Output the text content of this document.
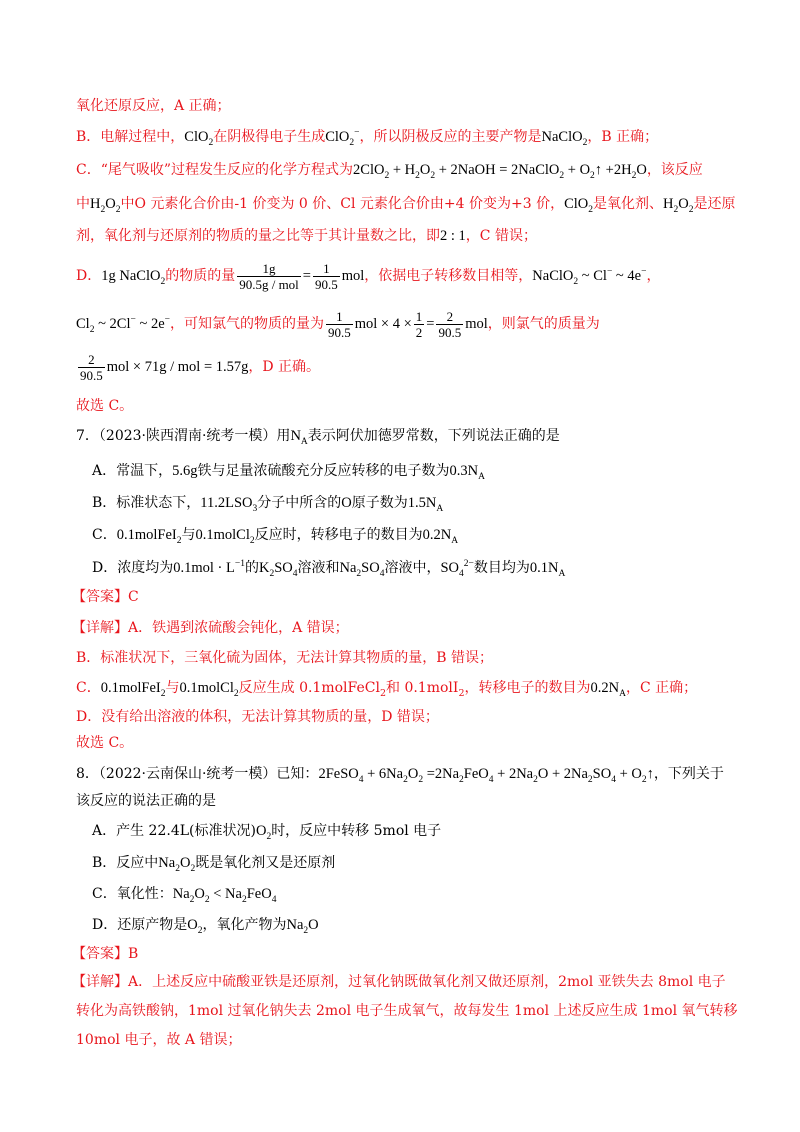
氧化还原反应，A 正确；
B．电解过程中，ClO$_2$在阴极得电子生成ClO$_2$−，所以阴极反应的主要产物是NaClO$_2$，B 正确；
C．“尾气吸收”过程发生反应的化学方程式为$2ClO_2 + H_2O_2$ + 2NaOH = 2NaClO$_2$ + $O_2↑ +2H_2O$，该反应
中$H_2O_2$中O 元素化合价由-1 价变为 0 价、Cl 元素化合价由+4 价变为+3 价，ClO$_2$是氧化剂、$H_2O_2$是还原
剂，氧化剂与还原剂的物质的量之比等于其计量数之比，即2 : 1，C 错误；
D．1g NaClO$_2$的物质的量 $\frac{1g}{\text{90.5g / mol}} = \frac{1}{90.5}$ mol，依据电子转移数目相等，NaClO$_2$ ~ Cl− ~ 4e−，
$Cl_2$ ~ 2Cl− ~ 2e−，可知氯气的物质的量为 $\frac{1}{90.5}$ mol × $4 \times \frac{1}{2} = \frac{2}{90.5}$ mol，则氯气的质量为
$\frac{2}{90.5}$ mol × 71g / mol = 1.57g，D 正确。
故选 C。
7．（2023·陕西渭南·统考一模）用$N_A$表示阿伏加德罗常数，下列说法正确的是
A．常温下，5.6g铁与足量浓硫酸充分反应转移的电子数为$0.3N_A$
B．标准状态下，$11.2LSO_3$分子中所含的O原子数为$1.5N_A$
C．0.1molFeI$_2$与0.1molCl$_2$反应时，转移电子的数目为$0.2N_A$
D．浓度均为$0.1mol \cdot L^{-1}$的$K_2SO_4$溶液和$Na_2SO_4$溶液中，$SO_4^{2-}$数目均为$0.1N_A$
【答案】C
【详解】A．铁遇到浓硫酸会钝化，A 错误；
B．标准状况下，三氧化硫为固体，无法计算其物质的量，B 错误；
C．0.1molFeI$_2$与0.1molCl$_2$反应生成 0.1molFeCl$_2$和 0.1molI$_2$，转移电子的数目为$0.2N_A$，C 正确；
D．没有给出溶液的体积，无法计算其物质的量，D 错误；
故选 C。
8．（2022·云南保山·统考一模）已知：2FeSO$_4$ + $6Na_2O_2 =2Na_2FeO_4 + 2Na_2O + 2Na_2SO_4$ + $O_2↑$，下列关于
该反应的说法正确的是
A．产生 22.4L(标准状况)$O_2$时，反应中转移 5mol 电子
B．反应中$Na_2O_2$既是氧化剂又是还原剂
C．氧化性：$Na_2O_2 < Na_2FeO_4$
D．还原产物是$O_2$，氧化产物为$Na_2O$
【答案】B
【详解】A．上述反应中硫酸亚铁是还原剂，过氧化钠既做氧化剂又做还原剂，2mol 亚铁失去 8mol 电子
转化为高铁酸钠，1mol 过氧化钠失去 2mol 电子生成氧气，故每发生 1mol 上述反应生成 1mol 氧气转移
10mol 电子，故 A 错误；
